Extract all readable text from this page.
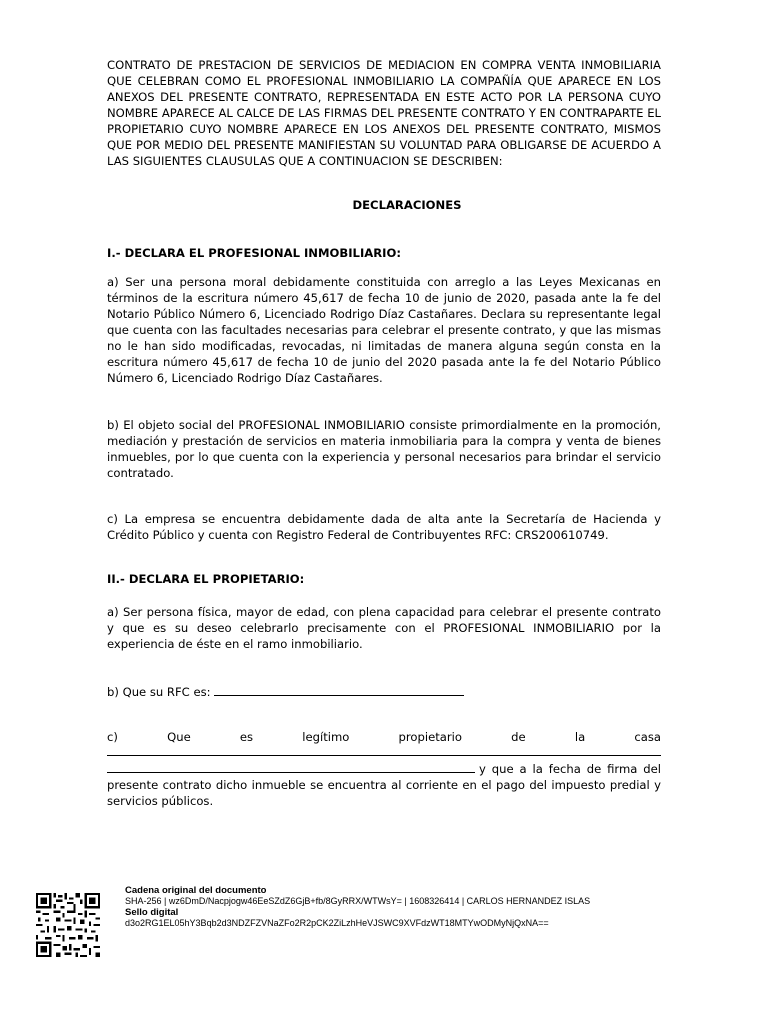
CONTRATO DE PRESTACION DE SERVICIOS DE MEDIACION EN COMPRA VENTA INMOBILIARIA QUE CELEBRAN COMO EL PROFESIONAL INMOBILIARIO LA COMPAÑÍA QUE APARECE EN LOS ANEXOS DEL PRESENTE CONTRATO, REPRESENTADA EN ESTE ACTO POR LA PERSONA CUYO NOMBRE APARECE AL CALCE DE LAS FIRMAS DEL PRESENTE CONTRATO Y EN CONTRAPARTE EL PROPIETARIO CUYO NOMBRE APARECE EN LOS ANEXOS DEL PRESENTE CONTRATO, MISMOS QUE POR MEDIO DEL PRESENTE MANIFIESTAN SU VOLUNTAD PARA OBLIGARSE DE ACUERDO A LAS SIGUIENTES CLAUSULAS QUE A CONTINUACION SE DESCRIBEN:

DECLARACIONES
I.- DECLARA EL PROFESIONAL INMOBILIARIO:

a) Ser una persona moral debidamente constituida con arreglo a las Leyes Mexicanas en términos de la escritura número 45,617 de fecha 10 de junio de 2020, pasada ante la fe del Notario Público Número 6, Licenciado Rodrigo Díaz Castañares. Declara su representante legal que cuenta con las facultades necesarias para celebrar el presente contrato, y que las mismas no le han sido modificadas, revocadas, ni limitadas de manera alguna según consta en la escritura número 45,617 de fecha 10 de junio del 2020 pasada ante la fe del Notario Público Número 6, Licenciado Rodrigo Díaz Castañares.

b) El objeto social del PROFESIONAL INMOBILIARIO consiste primordialmente en la promoción, mediación y prestación de servicios en materia inmobiliaria para la compra y venta de bienes inmuebles, por lo que cuenta con la experiencia y personal necesarios para brindar el servicio contratado.

c) La empresa se encuentra debidamente dada de alta ante la Secretaría de Hacienda y Crédito Público y cuenta con Registro Federal de Contribuyentes RFC: CRS200610749.

II.- DECLARA EL PROPIETARIO:

a) Ser persona física, mayor de edad, con plena capacidad para celebrar el presente contrato y que es su deseo celebrarlo precisamente con el PROFESIONAL INMOBILIARIO por la experiencia de éste en el ramo inmobiliario.

b) Que su RFC es:
c)	Que	es	legítimo	propietario	de	la	casa

y que a la fecha de firma del presente contrato dicho inmueble se encuentra al corriente en el pago del impuesto predial y servicios públicos.

Cadena original del documento
SHA-256 | wz6DmD/Nacpjogw46EeSZdZ6GjB+fb/8GyRRX/WTWsY= | 1608326414 | CARLOS HERNANDEZ ISLAS
Sello digital
d3o2RG1EL05hY3Bqb2d3NDZFZVNaZFo2R2pCK2ZiLzhHeVJSWC9XVFdzWT18MTYwODMyNjQxNA==
